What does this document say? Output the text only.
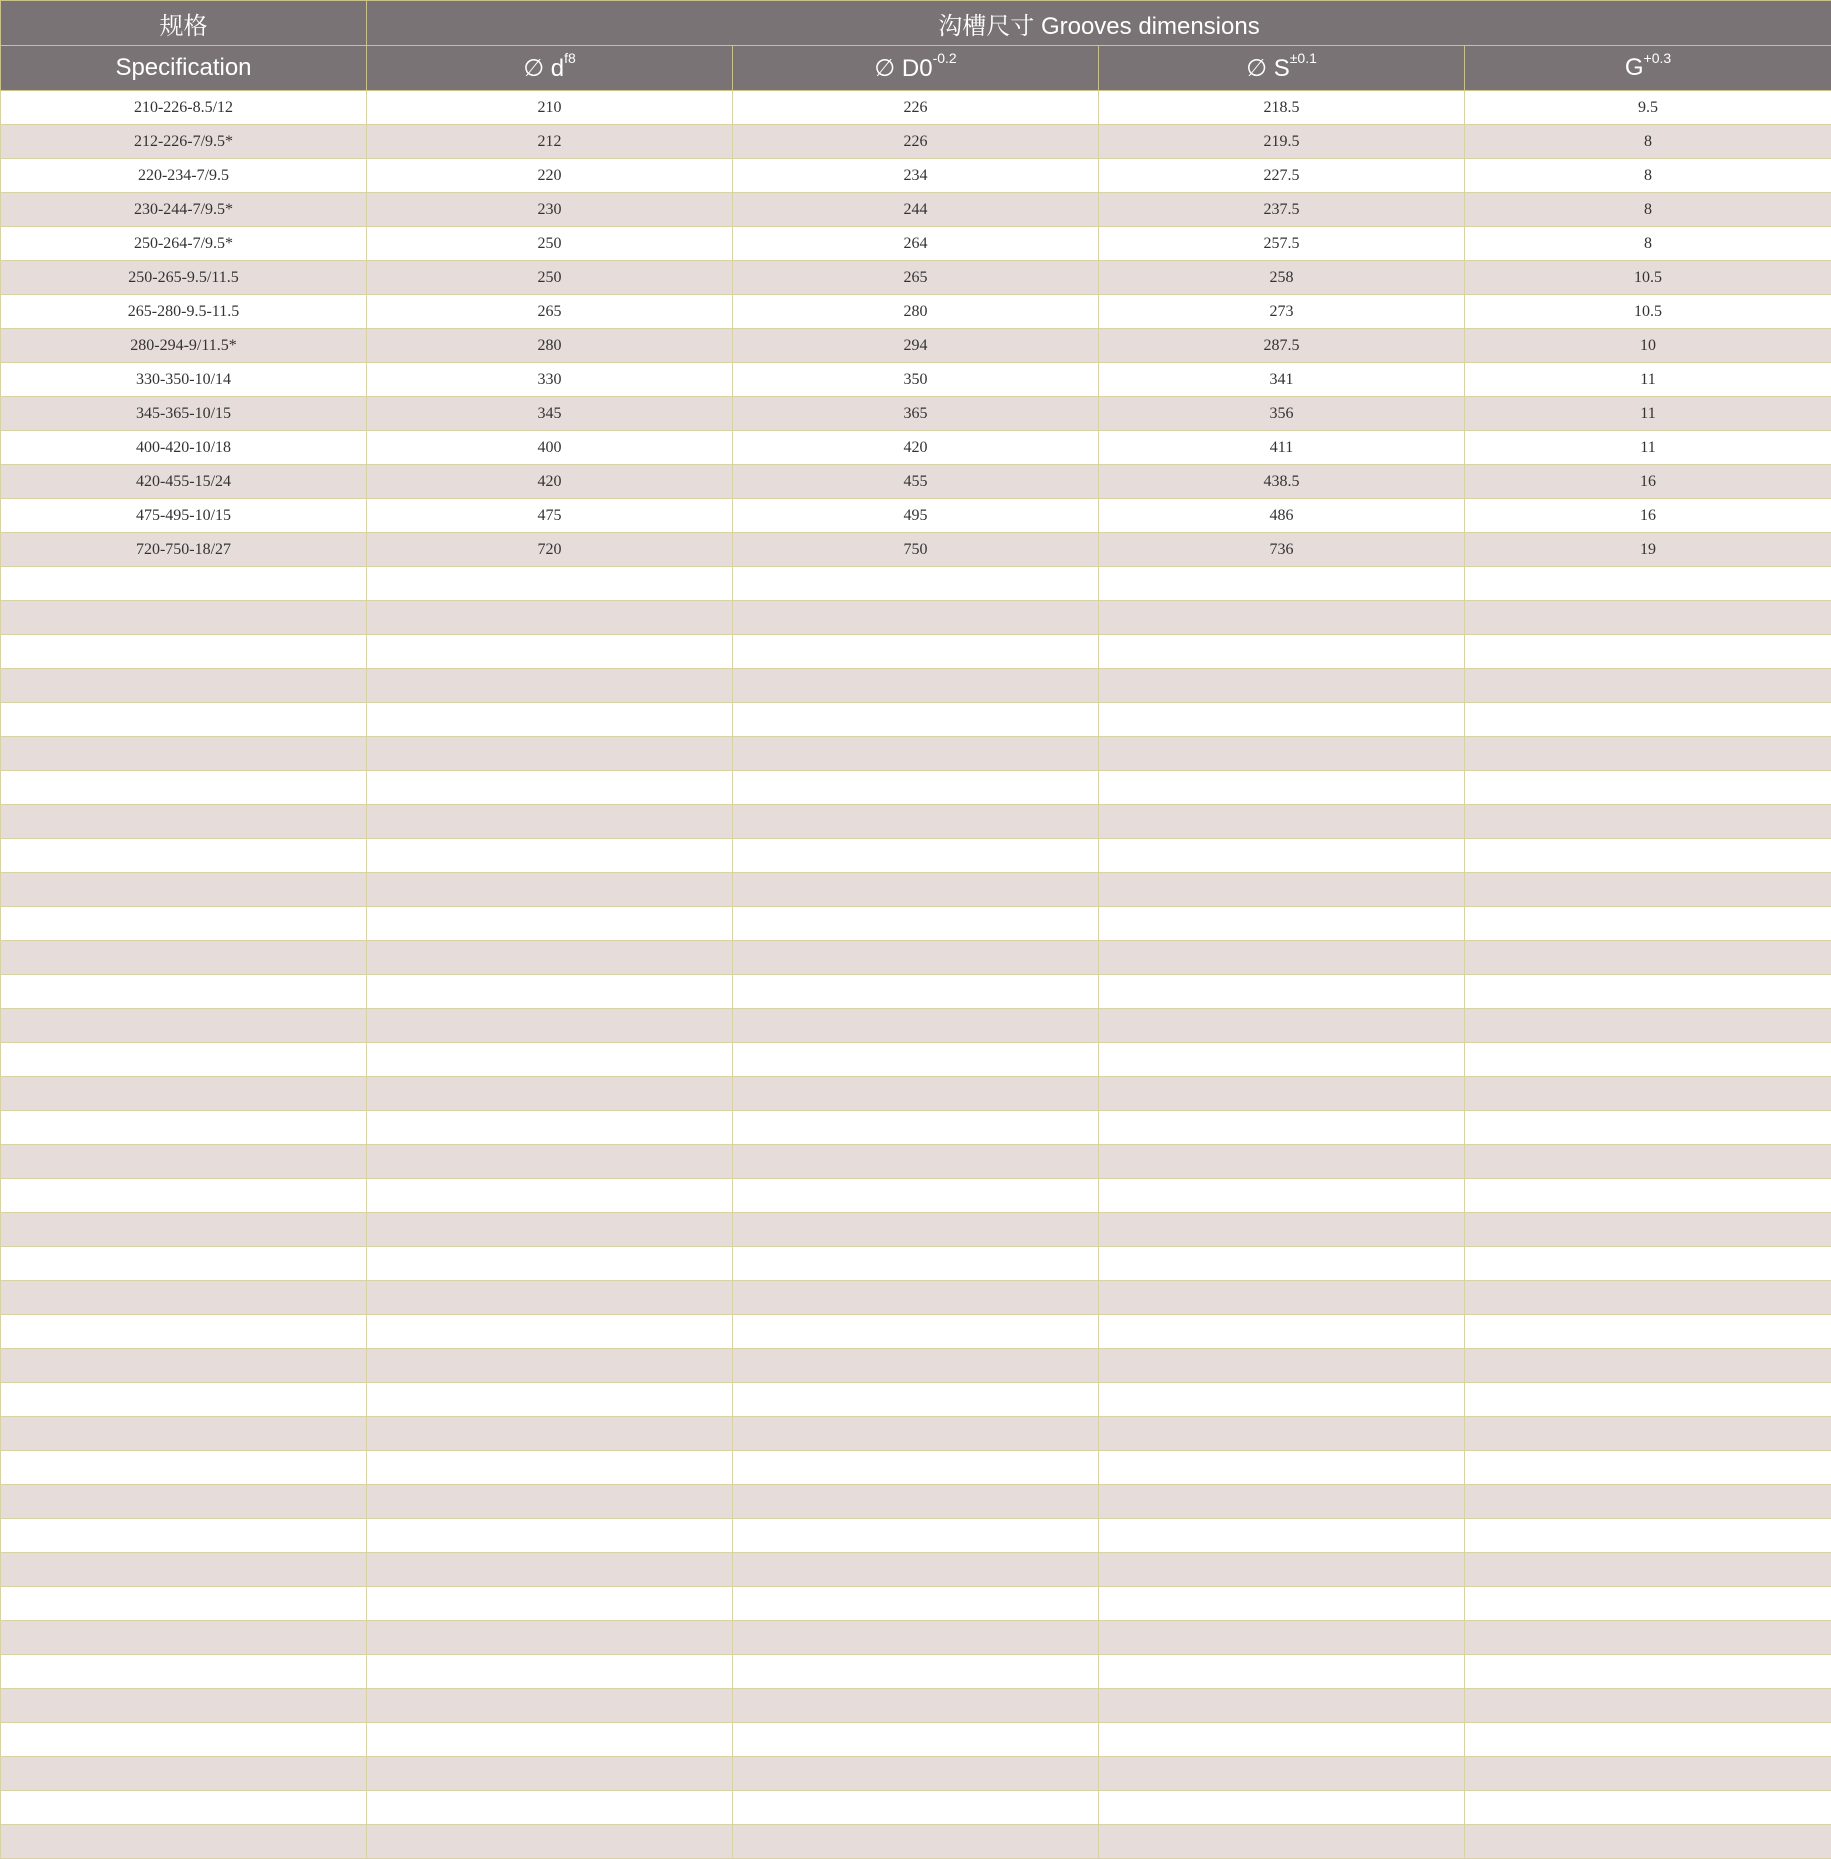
规格	沟槽尺寸 Grooves dimensions			
Specification	∅ $d^{f8}$	∅ $D0^{-0.2}$	∅ $S^{\pm 0.1}$	$G^{+0.3}$
210-226-8.5/12	210	226	218.5	9.5
212-226-7/9.5*	212	226	219.5	8
220-234-7/9.5	220	234	227.5	8
230-244-7/9.5*	230	244	237.5	8
250-264-7/9.5*	250	264	257.5	8
250-265-9.5/11.5	250	265	258	10.5
265-280-9.5-11.5	265	280	273	10.5
280-294-9/11.5*	280	294	287.5	10
330-350-10/14	330	350	341	11
345-365-10/15	345	365	356	11
400-420-10/18	400	420	411	11
420-455-15/24	420	455	438.5	16
475-495-10/15	475	495	486	16
720-750-18/27	720	750	736	19
